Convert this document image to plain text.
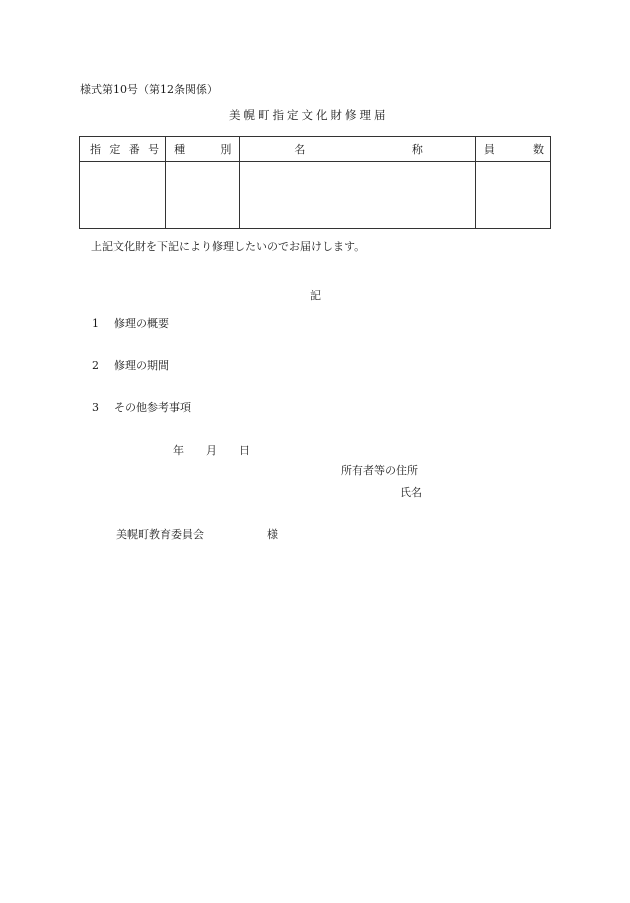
様式第10号（第12条関係）
美幌町指定文化財修理届
指 定 番 号	種 別	名 称	員 数

上記文化財を下記により修理したいのでお届けします。
記
1 修理の概要
2 修理の期間
3 その他参考事項
年 月 日
所有者等の住所
氏名
美幌町教育委員会	様
